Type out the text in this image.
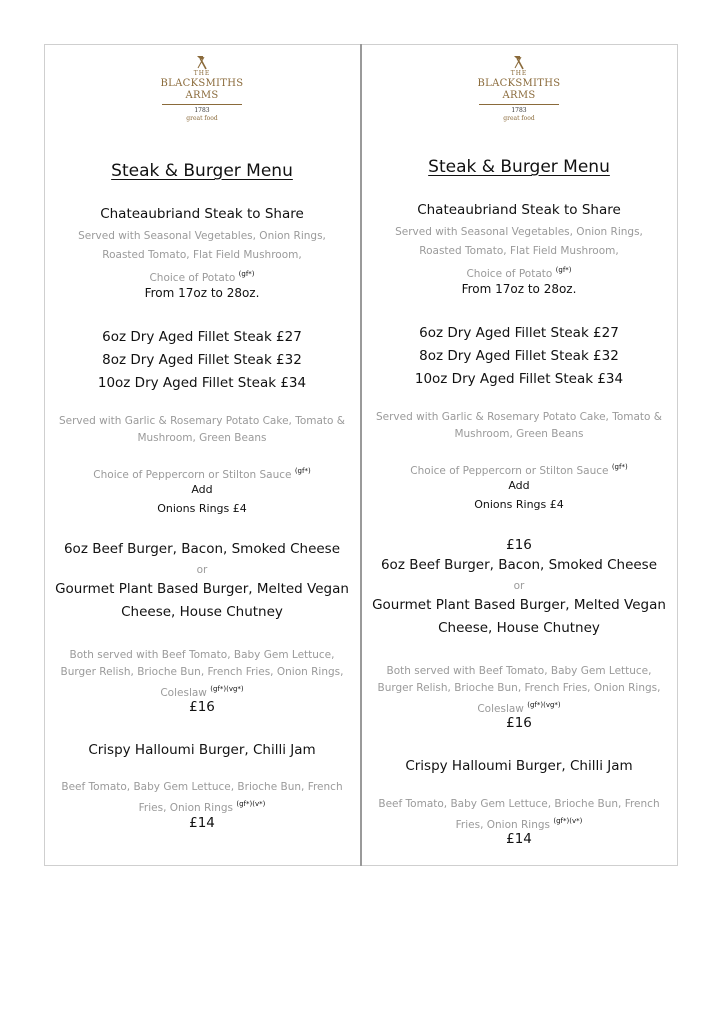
THE
BLACKSMITHS
ARMS
1783
great food
Steak & Burger Menu
Chateaubriand Steak to Share
Served with Seasonal Vegetables, Onion Rings,
Roasted Tomato, Flat Field Mushroom,
Choice of Potato $^{(gf*)}$
From 17oz to 28oz.
6oz Dry Aged Fillet Steak £27
8oz Dry Aged Fillet Steak £32
10oz Dry Aged Fillet Steak £34
Served with Garlic & Rosemary Potato Cake, Tomato &
Mushroom, Green Beans
Choice of Peppercorn or Stilton Sauce $^{(gf*)}$
Add
Onions Rings £4
6oz Beef Burger, Bacon, Smoked Cheese
or
Gourmet Plant Based Burger, Melted Vegan
Cheese, House Chutney
Both served with Beef Tomato, Baby Gem Lettuce,
Burger Relish, Brioche Bun, French Fries, Onion Rings,
Coleslaw $^{(gf*)(vg*)}$
£16
Crispy Halloumi Burger, Chilli Jam
Beef Tomato, Baby Gem Lettuce, Brioche Bun, French
Fries, Onion Rings $^{(gf*)(v*)}$
£14
THE
BLACKSMITHS
ARMS
1783
great food
Steak & Burger Menu
Chateaubriand Steak to Share
Served with Seasonal Vegetables, Onion Rings,
Roasted Tomato, Flat Field Mushroom,
Choice of Potato $^{(gf*)}$
From 17oz to 28oz.
6oz Dry Aged Fillet Steak £27
8oz Dry Aged Fillet Steak £32
10oz Dry Aged Fillet Steak £34
Served with Garlic & Rosemary Potato Cake, Tomato &
Mushroom, Green Beans
Choice of Peppercorn or Stilton Sauce $^{(gf*)}$
Add
Onions Rings £4
£16
6oz Beef Burger, Bacon, Smoked Cheese
or
Gourmet Plant Based Burger, Melted Vegan
Cheese, House Chutney
Both served with Beef Tomato, Baby Gem Lettuce,
Burger Relish, Brioche Bun, French Fries, Onion Rings,
Coleslaw $^{(gf*)(vg*)}$
£16
Crispy Halloumi Burger, Chilli Jam
Beef Tomato, Baby Gem Lettuce, Brioche Bun, French
Fries, Onion Rings $^{(gf*)(v*)}$
£14
